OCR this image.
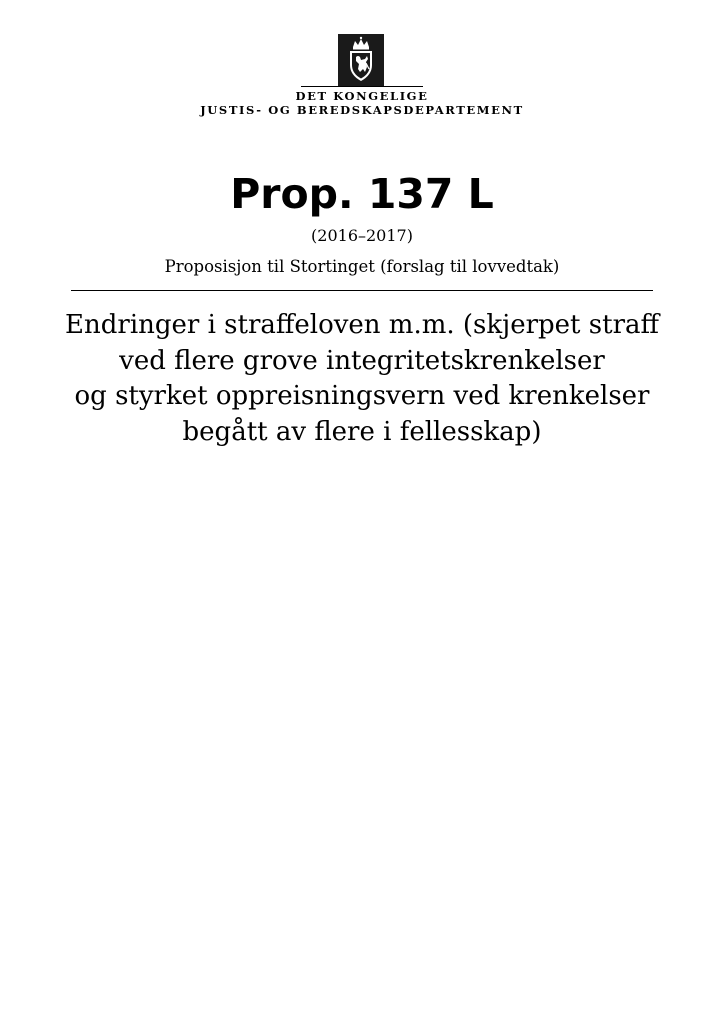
DET KONGELIGE
JUSTIS- OG BEREDSKAPSDEPARTEMENT
Prop. 137 L
(2016–2017)
Proposisjon til Stortinget (forslag til lovvedtak)
Endringer i straffeloven m.m. (skjerpet straff
ved flere grove integritetskrenkelser
og styrket oppreisningsvern ved krenkelser
begått av flere i fellesskap)
